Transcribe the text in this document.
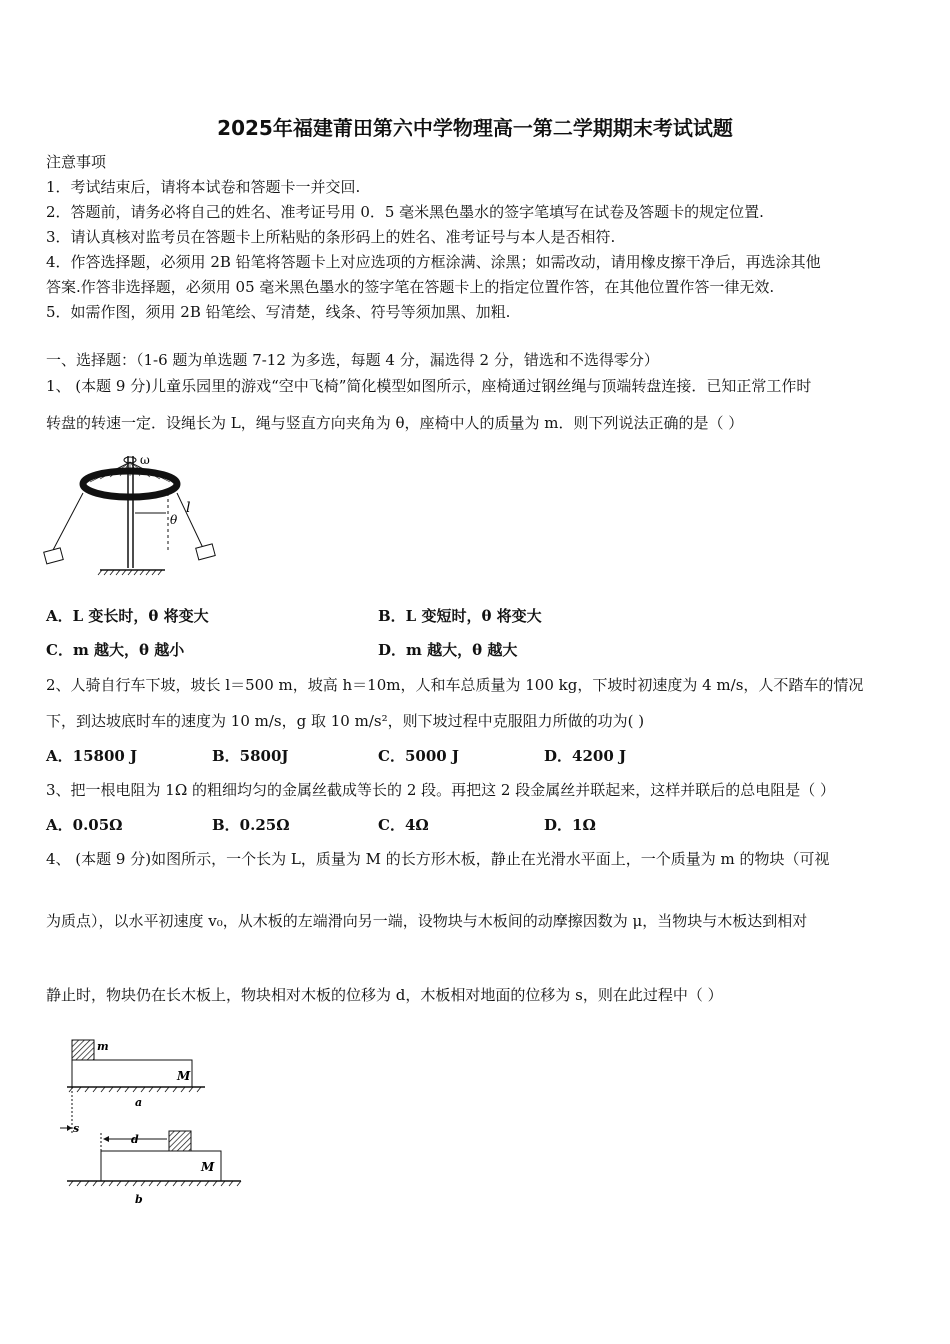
2025年福建莆田第六中学物理高一第二学期期末考试试题
注意事项
1．考试结束后，请将本试卷和答题卡一并交回.
2．答题前，请务必将自己的姓名、准考证号用 0．5 毫米黑色墨水的签字笔填写在试卷及答题卡的规定位置.
3．请认真核对监考员在答题卡上所粘贴的条形码上的姓名、准考证号与本人是否相符.
4．作答选择题，必须用 2B 铅笔将答题卡上对应选项的方框涂满、涂黑；如需改动，请用橡皮擦干净后，再选涂其他
答案.作答非选择题，必须用 05 毫米黑色墨水的签字笔在答题卡上的指定位置作答，在其他位置作答一律无效.
5．如需作图，须用 2B 铅笔绘、写清楚，线条、符号等须加黑、加粗.
一、选择题：（1-6 题为单选题 7-12 为多选，每题 4 分，漏选得 2 分，错选和不选得零分）
1、 (本题 9 分)儿童乐园里的游戏“空中飞椅”简化模型如图所示，座椅通过钢丝绳与顶端转盘连接．已知正常工作时
转盘的转速一定．设绳长为 L，绳与竖直方向夹角为 θ，座椅中人的质量为 m．则下列说法正确的是（ ）
ω
θ
l
A．L 变长时，θ 将变大	B．L 变短时，θ 将变大
C．m 越大，θ 越小	D．m 越大，θ 越大
2、人骑自行车下坡，坡长 l＝500 m，坡高 h＝10m，人和车总质量为 100 kg，下坡时初速度为 4 m/s，人不踏车的情况
下，到达坡底时车的速度为 10 m/s，g 取 10 m/s²，则下坡过程中克服阻力所做的功为( )
A．15800 J	B．5800J	C．5000 J	D．4200 J
3、把一根电阻为 1Ω 的粗细均匀的金属丝截成等长的 2 段。再把这 2 段金属丝并联起来，这样并联后的总电阻是（ ）
A．0.05Ω	B．0.25Ω	C．4Ω	D．1Ω
4、 (本题 9 分)如图所示，一个长为 L，质量为 M 的长方形木板，静止在光滑水平面上，一个质量为 m 的物块（可视
为质点），以水平初速度 v₀，从木板的左端滑向另一端，设物块与木板间的动摩擦因数为 μ，当物块与木板达到相对
静止时，物块仍在长木板上，物块相对木板的位移为 d，木板相对地面的位移为 s，则在此过程中（ ）
m
M
a
s
d
M
b
